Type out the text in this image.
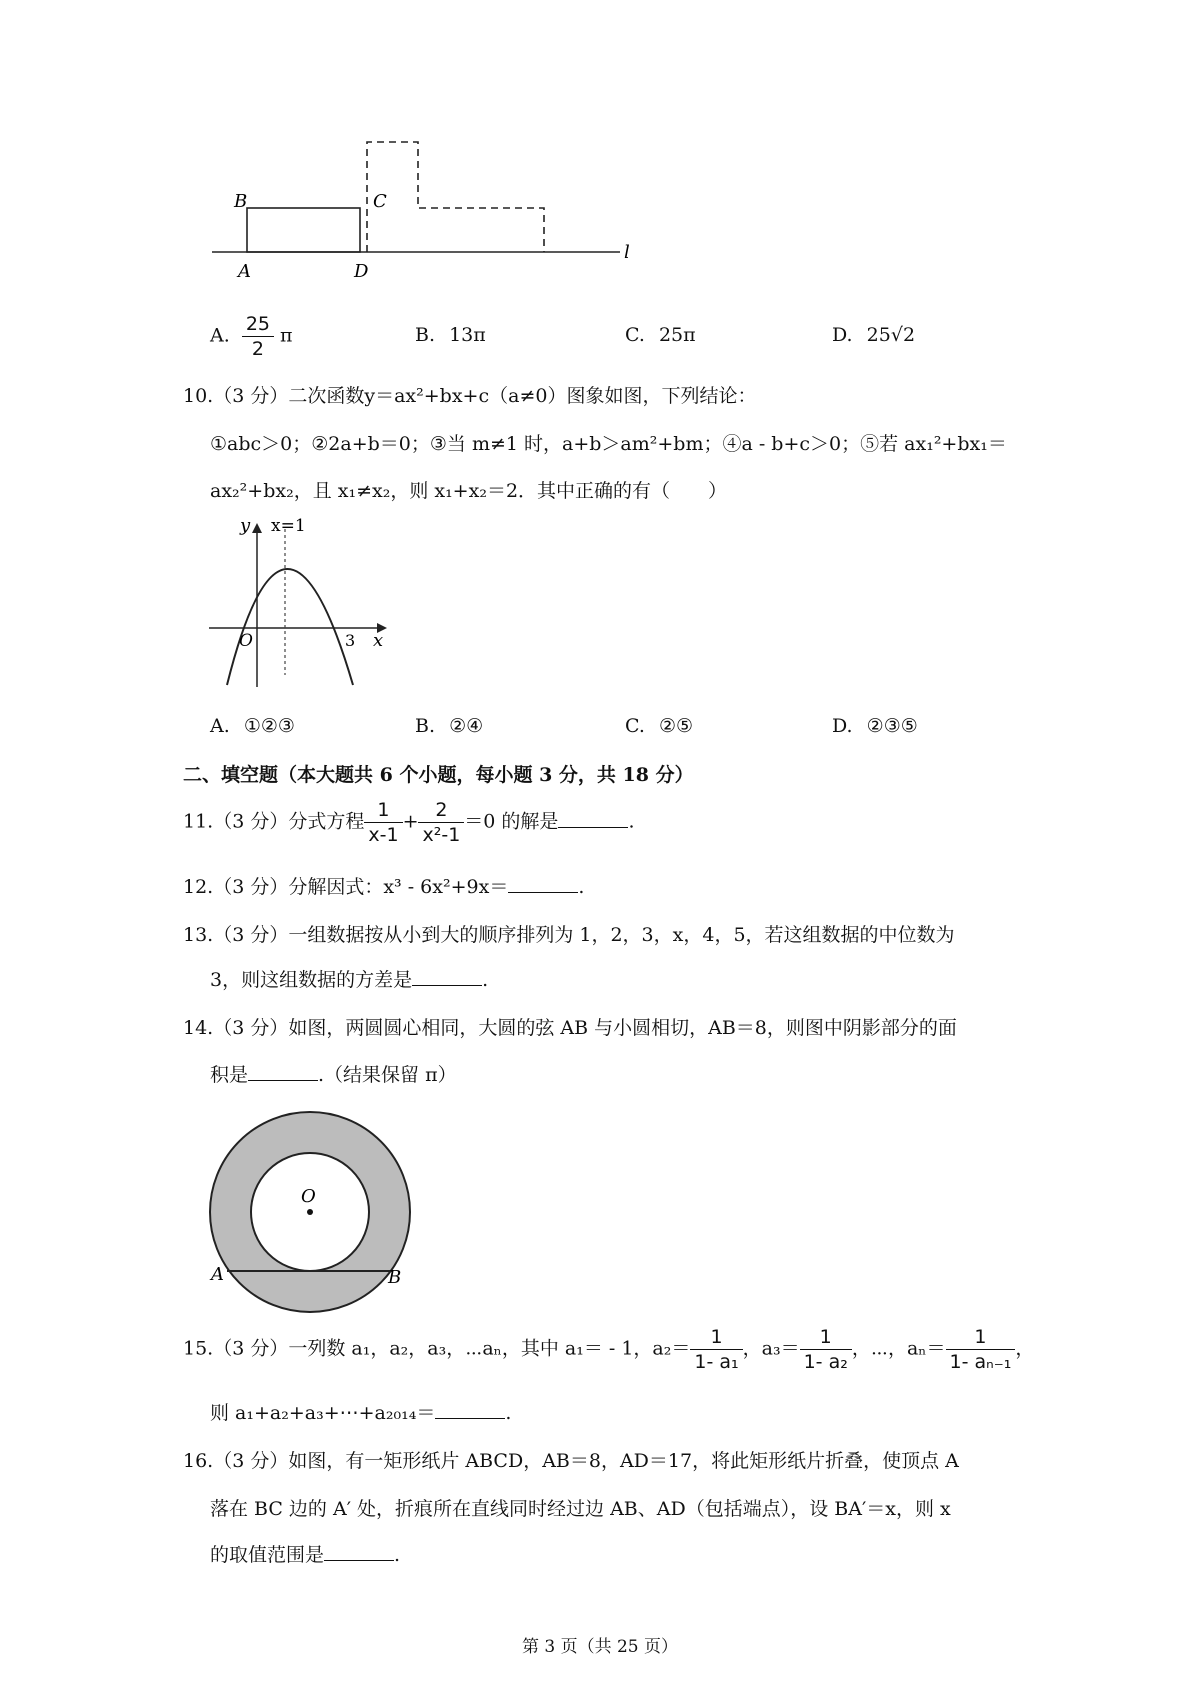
B	C
A	D
l
A. $\frac{25}{2}$ π	B. 13π	C. 25π	D. 25√2
10.（3 分）二次函数y＝ax²+bx+c（a≠0）图象如图，下列结论：
①abc＞0；②2a+b＝0；③当 m≠1 时，a+b＞am²+bm；④a - b+c＞0；⑤若 ax₁²+bx₁＝
ax₂²+bx₂，且 x₁≠x₂，则 x₁+x₂＝2．其中正确的有（　　）
y x=1
O	3 x
A. ①②③	B. ②④	C. ②⑤	D. ②③⑤
二、填空题（本大题共 6 个小题，每小题 3 分，共 18 分）
11.（3 分）分式方程 $\frac{1}{x-1} + \frac{2}{\text{x²-1}} =0$ 的解是	.
12.（3 分）分解因式：x³ - 6x²+9x＝	.
13.（3 分）一组数据按从小到大的顺序排列为 1，2，3，x，4，5，若这组数据的中位数为
3，则这组数据的方差是	.
14.（3 分）如图，两圆圆心相同，大圆的弦 AB 与小圆相切，AB＝8，则图中阴影部分的面
积是	.（结果保留 π）
O
A	B
15.（3 分）一列数 a₁，a₂，a₃，⋯aₙ，其中 a₁＝ - 1，$a_2= \frac{1}{\text{1- a₁}}$ ，$a_3= \frac{1}{\text{1- a₂}}$ ，⋯，$a_n= \frac{1}{\text{1- aₙ₋₁}}$ ，
则 a₁+a₂+a₃+⋯+a₂₀₁₄＝	.
16.（3 分）如图，有一矩形纸片 ABCD，AB＝8，AD＝17，将此矩形纸片折叠，使顶点 A
落在 BC 边的 A′ 处，折痕所在直线同时经过边 AB、AD（包括端点），设 BA′＝x，则 x
的取值范围是	.
第 3 页（共 25 页）
